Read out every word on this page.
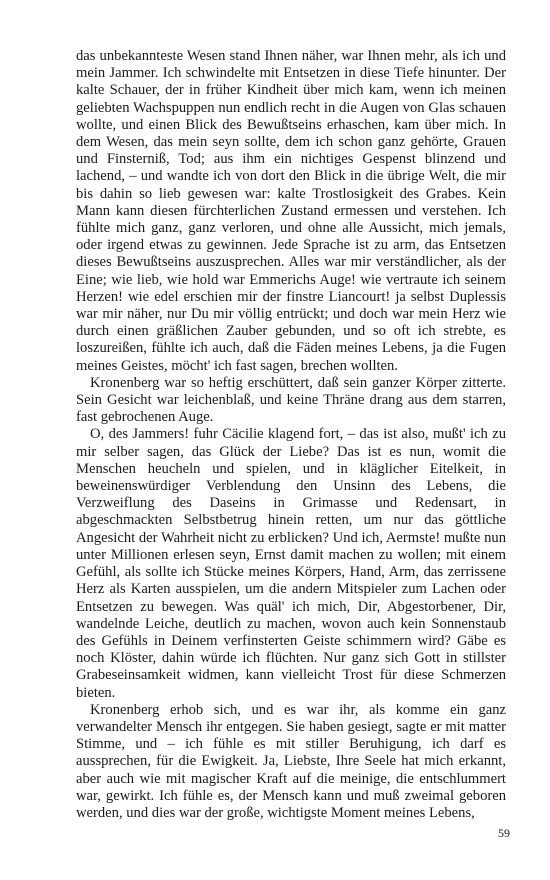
das unbekannteste Wesen stand Ihnen näher, war Ihnen mehr, als ich und mein Jammer. Ich schwindelte mit Entsetzen in diese Tiefe hinunter. Der kalte Schauer, der in früher Kindheit über mich kam, wenn ich meinen geliebten Wachspuppen nun endlich recht in die Augen von Glas schauen wollte, und einen Blick des Bewußtseins erhaschen, kam über mich. In dem Wesen, das mein seyn sollte, dem ich schon ganz gehörte, Grauen und Finsterniß, Tod; aus ihm ein nichtiges Gespenst blinzend und lachend, – und wandte ich von dort den Blick in die übrige Welt, die mir bis dahin so lieb gewesen war: kalte Trostlosigkeit des Grabes. Kein Mann kann diesen fürchterlichen Zustand ermessen und verstehen. Ich fühlte mich ganz, ganz verloren, und ohne alle Aussicht, mich jemals, oder irgend etwas zu gewinnen. Jede Sprache ist zu arm, das Entsetzen dieses Bewußtseins auszusprechen. Alles war mir verständlicher, als der Eine; wie lieb, wie hold war Emmerichs Auge! wie vertraute ich seinem Herzen! wie edel erschien mir der finstre Liancourt! ja selbst Duplessis war mir näher, nur Du mir völlig entrückt; und doch war mein Herz wie durch einen gräßlichen Zauber gebunden, und so oft ich strebte, es loszureißen, fühlte ich auch, daß die Fäden meines Lebens, ja die Fugen meines Geistes, möcht' ich fast sagen, brechen wollten.

Kronenberg war so heftig erschüttert, daß sein ganzer Körper zitterte. Sein Gesicht war leichenblaß, und keine Thräne drang aus dem starren, fast gebrochenen Auge.

O, des Jammers! fuhr Cäcilie klagend fort, – das ist also, mußt' ich zu mir selber sagen, das Glück der Liebe? Das ist es nun, womit die Menschen heucheln und spielen, und in kläglicher Eitelkeit, in beweinenswürdiger Verblendung den Unsinn des Lebens, die Verzweiflung des Daseins in Grimasse und Redensart, in abgeschmackten Selbstbetrug hinein retten, um nur das göttliche Angesicht der Wahrheit nicht zu erblicken? Und ich, Aermste! mußte nun unter Millionen erlesen seyn, Ernst damit machen zu wollen; mit einem Gefühl, als sollte ich Stücke meines Körpers, Hand, Arm, das zerrissene Herz als Karten ausspielen, um die andern Mitspieler zum Lachen oder Entsetzen zu bewegen. Was quäl' ich mich, Dir, Abgestorbener, Dir, wandelnde Leiche, deutlich zu machen, wovon auch kein Sonnenstaub des Gefühls in Deinem verfinsterten Geiste schimmern wird? Gäbe es noch Klöster, dahin würde ich flüchten. Nur ganz sich Gott in stillster Grabeseinsamkeit widmen, kann vielleicht Trost für diese Schmerzen bieten.

Kronenberg erhob sich, und es war ihr, als komme ein ganz verwandelter Mensch ihr entgegen. Sie haben gesiegt, sagte er mit matter Stimme, und – ich fühle es mit stiller Beruhigung, ich darf es aussprechen, für die Ewigkeit. Ja, Liebste, Ihre Seele hat mich erkannt, aber auch wie mit magischer Kraft auf die meinige, die entschlummert war, gewirkt. Ich fühle es, der Mensch kann und muß zweimal geboren werden, und dies war der große, wichtigste Moment meines Lebens,

59
